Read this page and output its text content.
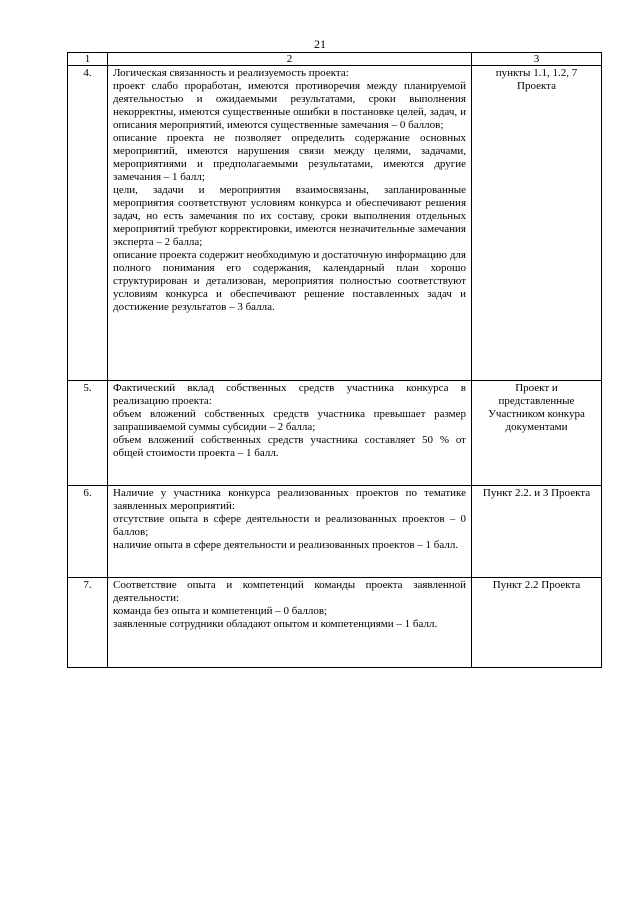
21
1	2	3
4.	Логическая связанность и реализуемость проекта:
проект слабо проработан, имеются противоречия между планируемой деятельностью и ожидаемыми результатами, сроки выполнения некорректны, имеются существенные ошибки в постановке целей, задач, и описания мероприятий, имеются существенные замечания – 0 баллов;
описание проекта не позволяет определить содержание основных мероприятий, имеются нарушения связи между целями, задачами, мероприятиями и предполагаемыми результатами, имеются другие замечания – 1 балл;
цели, задачи и мероприятия взаимосвязаны, запланированные мероприятия соответствуют условиям конкурса и обеспечивают решения задач, но есть замечания по их составу, сроки выполнения отдельных мероприятий требуют корректировки, имеются незначительные замечания эксперта – 2 балла;
описание проекта содержит необходимую и достаточную информацию для полного понимания его содержания, календарный план хорошо структурирован и детализован, мероприятия полностью соответствуют условиям конкурса и обеспечивают решение поставленных задач и достижение результатов – 3 балла.	пункты 1.1, 1.2, 7 Проекта
5.	Фактический вклад собственных средств участника конкурса в реализацию проекта:
объем вложений собственных средств участника превышает размер запрашиваемой суммы субсидии – 2 балла;
объем вложений собственных средств участника составляет 50 % от общей стоимости проекта – 1 балл.	Проект и представленные Участником конкура документами
6.	Наличие у участника конкурса реализованных проектов по тематике заявленных мероприятий:
отсутствие опыта в сфере деятельности и реализованных проектов – 0 баллов;
наличие опыта в сфере деятельности и реализованных проектов – 1 балл.	Пункт 2.2. и 3 Проекта
7.	Соответствие опыта и компетенций команды проекта заявленной деятельности:
команда без опыта и компетенций – 0 баллов;
заявленные сотрудники обладают опытом и компетенциями – 1 балл.	Пункт 2.2 Проекта
